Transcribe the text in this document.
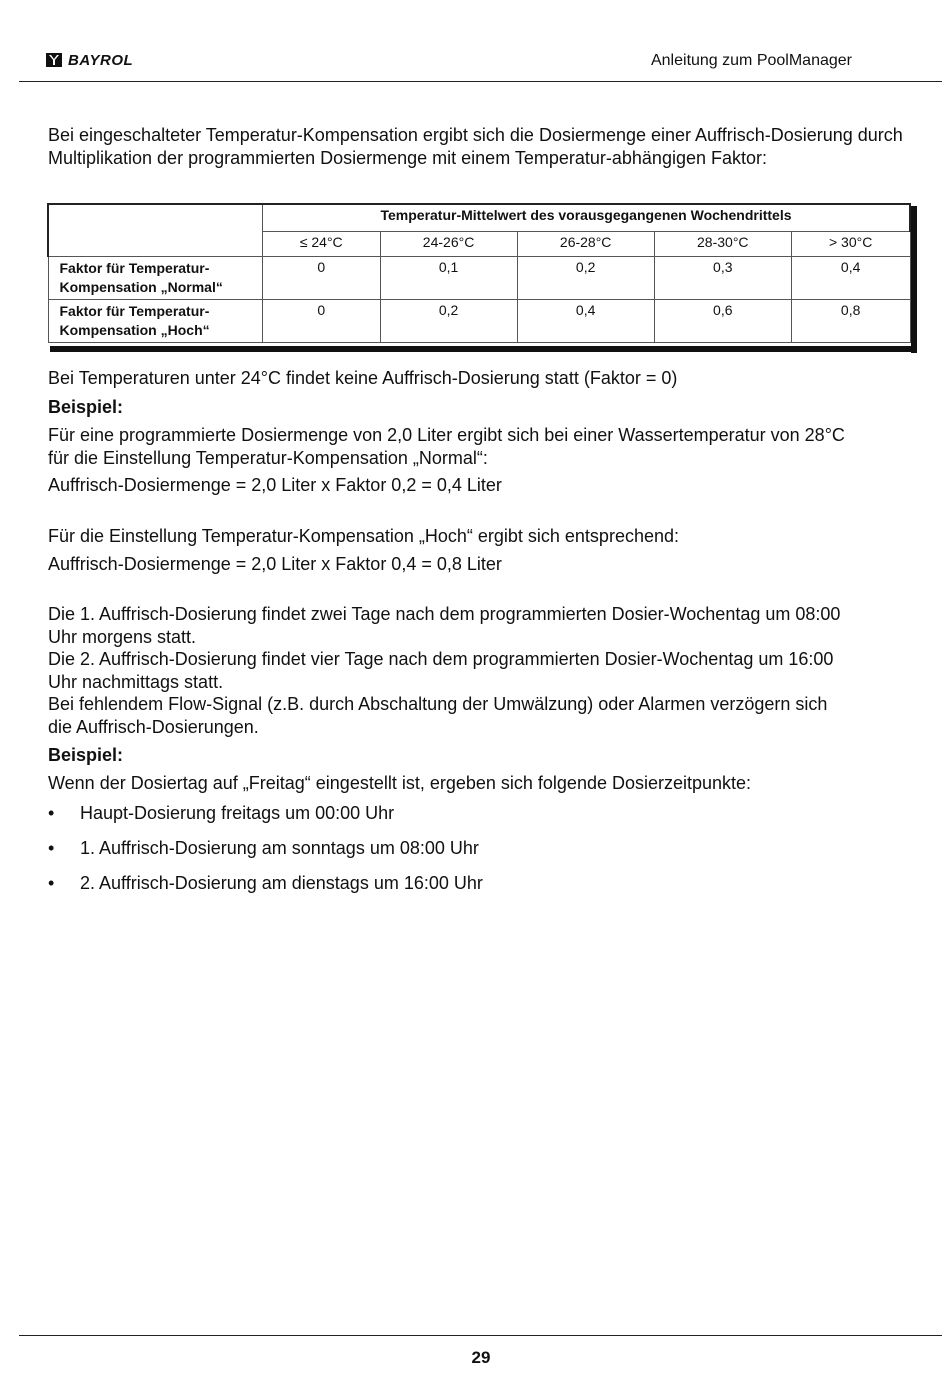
BAYROL	Anleitung zum PoolManager

Bei eingeschalteter Temperatur-Kompensation ergibt sich die Dosiermenge einer Auffrisch-Dosierung durch Multiplikation der programmierten Dosiermenge mit einem Temperatur-abhängigen Faktor:

	Temperatur-Mittelwert des vorausgegangenen Wochendrittels				
	≤ 24°C	24-26°C	26-28°C	28-30°C	> 30°C
Faktor für Temperatur-
Kompensation „Normal“	0	0,1	0,2	0,3	0,4
Faktor für Temperatur-
Kompensation „Hoch“	0	0,2	0,4	0,6	0,8

Bei Temperaturen unter 24°C findet keine Auffrisch-Dosierung statt (Faktor = 0)

Beispiel:

Für eine programmierte Dosiermenge von 2,0 Liter ergibt sich bei einer Wassertemperatur von 28°C
für die Einstellung Temperatur-Kompensation „Normal“:

Auffrisch-Dosiermenge = 2,0 Liter x Faktor 0,2 = 0,4 Liter

Für die Einstellung Temperatur-Kompensation „Hoch“ ergibt sich entsprechend:

Auffrisch-Dosiermenge = 2,0 Liter x Faktor 0,4 = 0,8 Liter

Die 1. Auffrisch-Dosierung findet zwei Tage nach dem programmierten Dosier-Wochentag um 08:00
Uhr morgens statt.
Die 2. Auffrisch-Dosierung findet vier Tage nach dem programmierten Dosier-Wochentag um 16:00
Uhr nachmittags statt.
Bei fehlendem Flow-Signal (z.B. durch Abschaltung der Umwälzung) oder Alarmen verzögern sich
die Auffrisch-Dosierungen.

Beispiel:

Wenn der Dosiertag auf „Freitag“ eingestellt ist, ergeben sich folgende Dosierzeitpunkte:

•	Haupt-Dosierung freitags um 00:00 Uhr
•	1. Auffrisch-Dosierung am sonntags um 08:00 Uhr
•	2. Auffrisch-Dosierung am dienstags um 16:00 Uhr
29
